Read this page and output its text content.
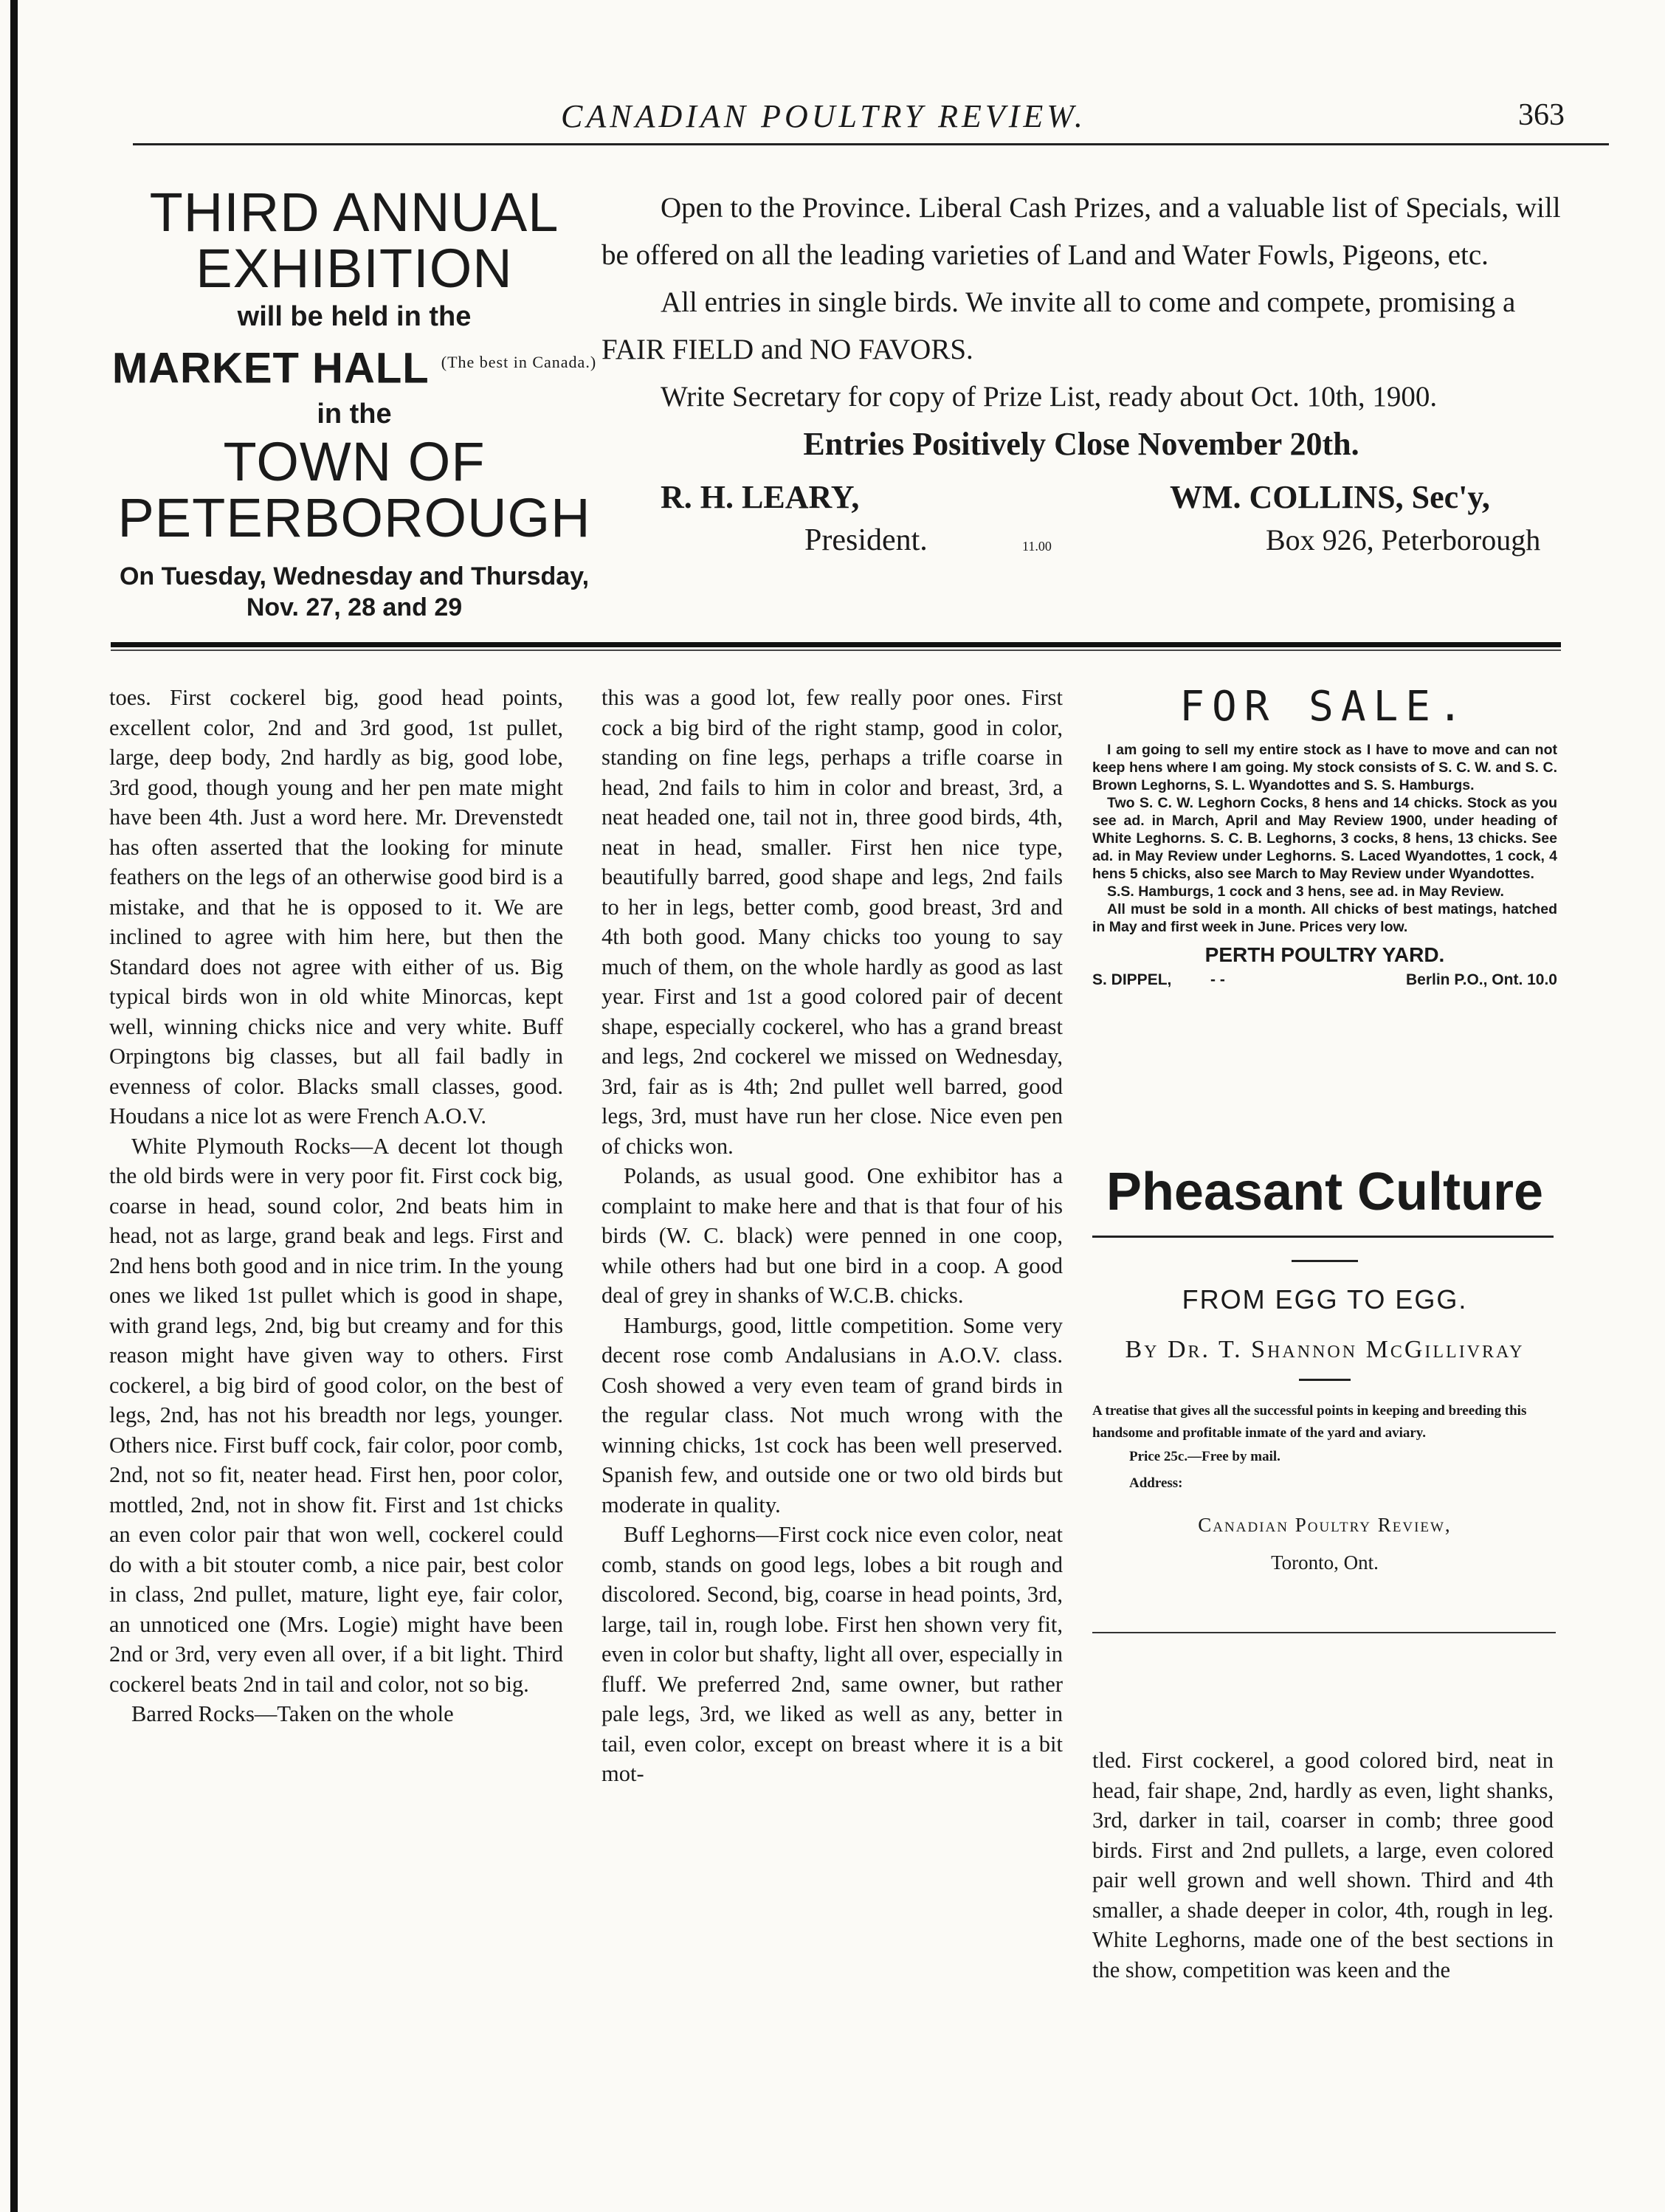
CANADIAN POULTRY REVIEW.	363
THIRD ANNUAL
EXHIBITION
will be held in the
MARKET HALL $^{(The best in Canada.)}$
in the
TOWN OF
PETERBOROUGH
On Tuesday, Wednesday and Thursday, Nov. 27, 28 and 29

Open to the Province. Liberal Cash Prizes, and a valuable list of Specials, will be offered on all the leading varieties of Land and Water Fowls, Pigeons, etc.

All entries in single birds. We invite all to come and compete, promising a FAIR FIELD and NO FAVORS.

Write Secretary for copy of Prize List, ready about Oct. 10th, 1900.

Entries Positively Close November 20th.

R. H. LEARY,
President.	11.00
WM. COLLINS, Sec'y,
Box 926, Peterborough

toes. First cockerel big, good head points, excellent color, 2nd and 3rd good, 1st pullet, large, deep body, 2nd hardly as big, good lobe, 3rd good, though young and her pen mate might have been 4th. Just a word here. Mr. Drevenstedt has often asserted that the looking for minute feathers on the legs of an otherwise good bird is a mistake, and that he is opposed to it. We are inclined to agree with him here, but then the Standard does not agree with either of us. Big typical birds won in old white Minorcas, kept well, winning chicks nice and very white. Buff Orpingtons big classes, but all fail badly in evenness of color. Blacks small classes, good. Houdans a nice lot as were French A.O.V.

White Plymouth Rocks—A decent lot though the old birds were in very poor fit. First cock big, coarse in head, sound color, 2nd beats him in head, not as large, grand beak and legs. First and 2nd hens both good and in nice trim. In the young ones we liked 1st pullet which is good in shape, with grand legs, 2nd, big but creamy and for this reason might have given way to others. First cockerel, a big bird of good color, on the best of legs, 2nd, has not his breadth nor legs, younger. Others nice. First buff cock, fair color, poor comb, 2nd, not so fit, neater head. First hen, poor color, mottled, 2nd, not in show fit. First and 1st chicks an even color pair that won well, cockerel could do with a bit stouter comb, a nice pair, best color in class, 2nd pullet, mature, light eye, fair color, an unnoticed one (Mrs. Logie) might have been 2nd or 3rd, very even all over, if a bit light. Third cockerel beats 2nd in tail and color, not so big.

Barred Rocks—Taken on the whole

this was a good lot, few really poor ones. First cock a big bird of the right stamp, good in color, standing on fine legs, perhaps a trifle coarse in head, 2nd fails to him in color and breast, 3rd, a neat headed one, tail not in, three good birds, 4th, neat in head, smaller. First hen nice type, beautifully barred, good shape and legs, 2nd fails to her in legs, better comb, good breast, 3rd and 4th both good. Many chicks too young to say much of them, on the whole hardly as good as last year. First and 1st a good colored pair of decent shape, especially cockerel, who has a grand breast and legs, 2nd cockerel we missed on Wednesday, 3rd, fair as is 4th; 2nd pullet well barred, good legs, 3rd, must have run her close. Nice even pen of chicks won.

Polands, as usual good. One exhibitor has a complaint to make here and that is that four of his birds (W. C. black) were penned in one coop, while others had but one bird in a coop. A good deal of grey in shanks of W.C.B. chicks.

Hamburgs, good, little competition. Some very decent rose comb Andalusians in A.O.V. class. Cosh showed a very even team of grand birds in the regular class. Not much wrong with the winning chicks, 1st cock has been well preserved. Spanish few, and outside one or two old birds but moderate in quality.

Buff Leghorns—First cock nice even color, neat comb, stands on good legs, lobes a bit rough and discolored. Second, big, coarse in head points, 3rd, large, tail in, rough lobe. First hen shown very fit, even in color but shafty, light all over, especially in fluff. We preferred 2nd, same owner, but rather pale legs, 3rd, we liked as well as any, better in tail, even color, except on breast where it is a bit mot-

FOR SALE.

I am going to sell my entire stock as I have to move and can not keep hens where I am going. My stock consists of S. C. W. and S. C. Brown Leghorns, S. L. Wyandottes and S. S. Hamburgs.

Two S. C. W. Leghorn Cocks, 8 hens and 14 chicks. Stock as you see ad. in March, April and May Review 1900, under heading of White Leghorns. S. C. B. Leghorns, 3 cocks, 8 hens, 13 chicks. See ad. in May Review under Leghorns. S. Laced Wyandottes, 1 cock, 4 hens 5 chicks, also see March to May Review under Wyandottes.

S.S. Hamburgs, 1 cock and 3 hens, see ad. in May Review.

All must be sold in a month. All chicks of best matings, hatched in May and first week in June. Prices very low.

PERTH POULTRY YARD.
S. DIPPEL,	- -	Berlin P.O., Ont. 10.0
Pheasant Culture
FROM EGG TO EGG.
By Dr. T. Shannon McGillivray
A treatise that gives all the successful points in keeping and breeding this handsome and profitable inmate of the yard and aviary.
Price 25c.—Free by mail.
Address:
Canadian Poultry Review,
Toronto, Ont.

tled. First cockerel, a good colored bird, neat in head, fair shape, 2nd, hardly as even, light shanks, 3rd, darker in tail, coarser in comb; three good birds. First and 2nd pullets, a large, even colored pair well grown and well shown. Third and 4th smaller, a shade deeper in color, 4th, rough in leg. White Leghorns, made one of the best sections in the show, competition was keen and the
